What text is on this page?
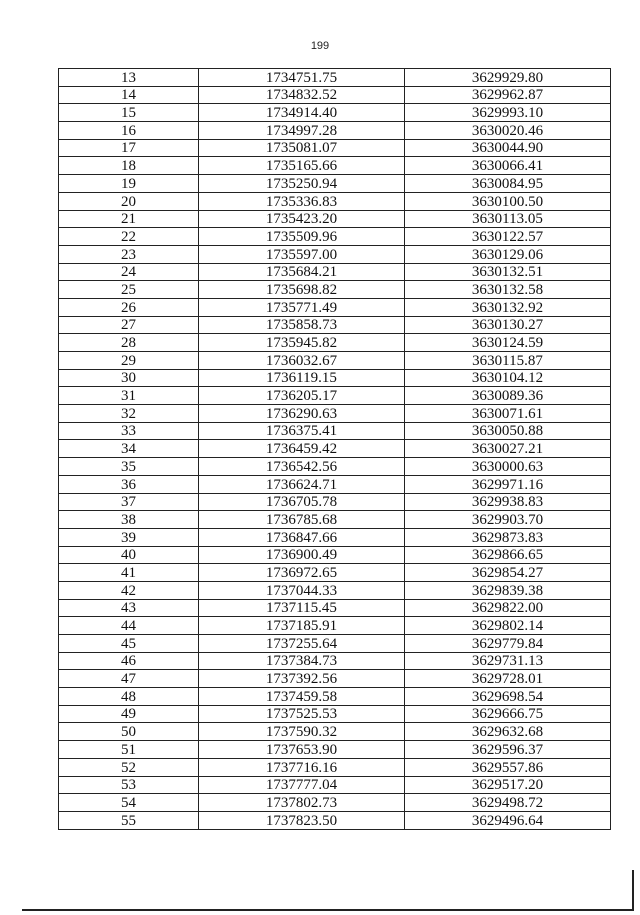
199
13	1734751.75	3629929.80
14	1734832.52	3629962.87
15	1734914.40	3629993.10
16	1734997.28	3630020.46
17	1735081.07	3630044.90
18	1735165.66	3630066.41
19	1735250.94	3630084.95
20	1735336.83	3630100.50
21	1735423.20	3630113.05
22	1735509.96	3630122.57
23	1735597.00	3630129.06
24	1735684.21	3630132.51
25	1735698.82	3630132.58
26	1735771.49	3630132.92
27	1735858.73	3630130.27
28	1735945.82	3630124.59
29	1736032.67	3630115.87
30	1736119.15	3630104.12
31	1736205.17	3630089.36
32	1736290.63	3630071.61
33	1736375.41	3630050.88
34	1736459.42	3630027.21
35	1736542.56	3630000.63
36	1736624.71	3629971.16
37	1736705.78	3629938.83
38	1736785.68	3629903.70
39	1736847.66	3629873.83
40	1736900.49	3629866.65
41	1736972.65	3629854.27
42	1737044.33	3629839.38
43	1737115.45	3629822.00
44	1737185.91	3629802.14
45	1737255.64	3629779.84
46	1737384.73	3629731.13
47	1737392.56	3629728.01
48	1737459.58	3629698.54
49	1737525.53	3629666.75
50	1737590.32	3629632.68
51	1737653.90	3629596.37
52	1737716.16	3629557.86
53	1737777.04	3629517.20
54	1737802.73	3629498.72
55	1737823.50	3629496.64
